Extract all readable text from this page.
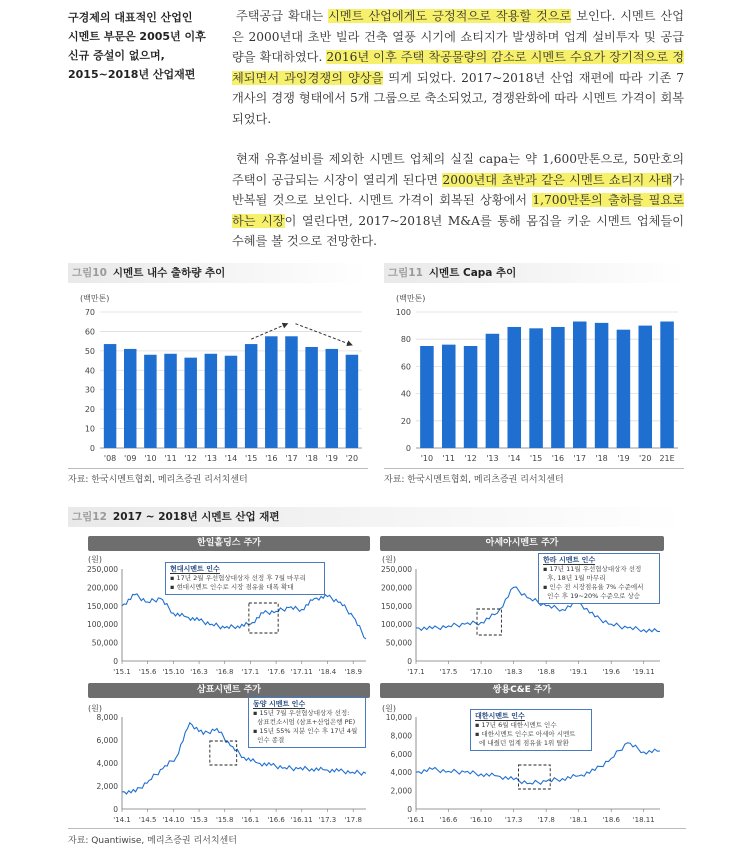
구경제의 대표적인 산업인
시멘트 부문은 2005년 이후
신규 증설이 없으며,
2015~2018년 산업재편

주택공급 확대는 시멘트 산업에게도 긍정적으로 작용할 것으로 보인다. 시멘트 산업은 2000년대 초반 빌라 건축 열풍 시기에 쇼티지가 발생하며 업계 설비투자 및 공급량을 확대하였다. 2016년 이후 주택 착공물량의 감소로 시멘트 수요가 장기적으로 정체되면서 과잉경쟁의 양상을 띄게 되었다. 2017~2018년 산업 재편에 따라 기존 7개사의 경쟁 형태에서 5개 그룹으로 축소되었고, 경쟁완화에 따라 시멘트 가격이 회복되었다.

현재 유휴설비를 제외한 시멘트 업체의 실질 capa는 약 1,600만톤으로, 50만호의 주택이 공급되는 시장이 열리게 된다면 2000년대 초반과 같은 시멘트 쇼티지 사태가 반복될 것으로 보인다. 시멘트 가격이 회복된 상황에서 1,700만톤의 출하를 필요로 하는 시장이 열린다면, 2017~2018년 M&A를 통해 몸집을 키운 시멘트 업체들이 수혜를 볼 것으로 전망한다.

그림10 시멘트 내수 출하량 추이
(백만톤)
0
10
20
30
40
50
60
70
'08 '09 '10 '11 '12 '13 '14 '15 '16 '17 '18 '19 '20
자료: 한국시멘트협회, 메리츠증권 리서치센터
그림11 시멘트 Capa 추이
(백만톤)
0
20
40
60
80
100
'10 '11 '12 '13 '14 '15 '16 '17 '18 '19 '20 21E
자료: 한국시멘트협회, 메리츠증권 리서치센터
그림12 2017 ~ 2018년 시멘트 산업 재편
한일홀딩스 주가	아세아시멘트 주가
삼표시멘트 주가	쌍용C&E 주가
(원)	(원)
(원)	(원)
0
50,000
100,000
150,000
200,000
250,000
'15.1 '15.6 '15.10 '16.3 '16.8 '17.1 '17.6 '17.11 '18.4 '18.9
0
50,000
100,000
150,000
200,000
250,000
'17.1 '17.5 '17.10 '18.3 '18.8 '19.1 '19.6 '19.11
0
2,000
4,000
6,000
8,000
'14.1 '14.5 '14.10 '15.3 '15.8 '16.1 '16.6 '16.11 '17.3 '17.8
0
2,000
4,000
6,000
8,000
10,000
'16.1 '16.6 '16.10 '17.3 '17.8 '18.1 '18.6 '18.11
현대시멘트 인수
▪ 17년 2월 우선협상대상자 선정 후 7월 마무리
▪ 현대시멘트 인수로 시장 점유율 대폭 확대
한라 시멘트 인수
▪ 17년 11월 우선협상대상자 선정
후, 18년 1월 마무리
▪ 인수 전 시장점유율 7% 수준에서
인수 후 19~20% 수준으로 상승
동양 시멘트 인수
▪ 15년 7월 우선협상대상자 선정:
삼표컨소시엄 (삼표+산업은행 PE)
▪ 15년 55% 지분 인수 후 17년 4월
인수 종결
대한시멘트 인수
▪ 17년 6월 대한시멘트 인수
▪ 대한시멘트 인수로 아세아 시멘트
에 내줬던 업계 점유율 1위 탈환
자료: Quantiwise, 메리츠증권 리서치센터
